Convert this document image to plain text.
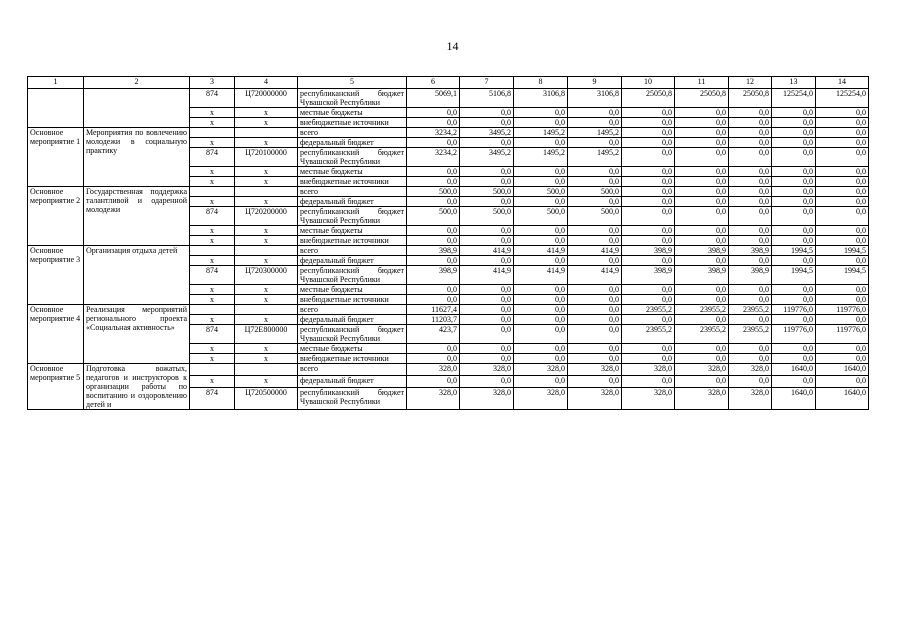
14
1	2	3	4	5	6	7	8	9	10	11	12	13	14
		874	Ц720000000	республиканский бюджет Чувашской Республики	5069,1	5106,8	3106,8	3106,8	25050,8	25050,8	25050,8	125254,0	125254,0
		x	x	местные бюджеты	0,0	0,0	0,0	0,0	0,0	0,0	0,0	0,0	0,0
		x	x	внебюджетные источники	0,0	0,0	0,0	0,0	0,0	0,0	0,0	0,0	0,0
Основное мероприятие 1	Мероприятия по вовлечению молодежи в социальную практику			всего	3234,2	3495,2	1495,2	1495,2	0,0	0,0	0,0	0,0	0,0
		x	x	федеральный бюджет	0,0	0,0	0,0	0,0	0,0	0,0	0,0	0,0	0,0
		874	Ц720100000	республиканский бюджет Чувашской Республики	3234,2	3495,2	1495,2	1495,2	0,0	0,0	0,0	0,0	0,0
		x	x	местные бюджеты	0,0	0,0	0,0	0,0	0,0	0,0	0,0	0,0	0,0
		x	x	внебюджетные источники	0,0	0,0	0,0	0,0	0,0	0,0	0,0	0,0	0,0
Основное мероприятие 2	Государственная поддержка талантливой и одаренной молодежи			всего	500,0	500,0	500,0	500,0	0,0	0,0	0,0	0,0	0,0
		x	x	федеральный бюджет	0,0	0,0	0,0	0,0	0,0	0,0	0,0	0,0	0,0
		874	Ц720200000	республиканский бюджет Чувашской Республики	500,0	500,0	500,0	500,0	0,0	0,0	0,0	0,0	0,0
		x	x	местные бюджеты	0,0	0,0	0,0	0,0	0,0	0,0	0,0	0,0	0,0
		x	x	внебюджетные источники	0,0	0,0	0,0	0,0	0,0	0,0	0,0	0,0	0,0
Основное мероприятие 3	Организация отдыха детей			всего	398,9	414,9	414,9	414,9	398,9	398,9	398,9	1994,5	1994,5
		x	x	федеральный бюджет	0,0	0,0	0,0	0,0	0,0	0,0	0,0	0,0	0,0
		874	Ц720300000	республиканский бюджет Чувашской Республики	398,9	414,9	414,9	414,9	398,9	398,9	398,9	1994,5	1994,5
		x	x	местные бюджеты	0,0	0,0	0,0	0,0	0,0	0,0	0,0	0,0	0,0
		x	x	внебюджетные источники	0,0	0,0	0,0	0,0	0,0	0,0	0,0	0,0	0,0
Основное мероприятие 4	Реализация мероприятий регионального проекта «Социальная активность»			всего	11627,4	0,0	0,0	0,0	23955,2	23955,2	23955,2	119776,0	119776,0
		x	x	федеральный бюджет	11203,7	0,0	0,0	0,0	0,0	0,0	0,0	0,0	0,0
		874	Ц72E800000	республиканский бюджет Чувашской Республики	423,7	0,0	0,0	0,0	23955,2	23955,2	23955,2	119776,0	119776,0
		x	x	местные бюджеты	0,0	0,0	0,0	0,0	0,0	0,0	0,0	0,0	0,0
		x	x	внебюджетные источники	0,0	0,0	0,0	0,0	0,0	0,0	0,0	0,0	0,0
Основное мероприятие 5	Подготовка вожатых, педагогов и инструкторов к организации работы по воспитанию и оздоровлению детей и			всего	328,0	328,0	328,0	328,0	328,0	328,0	328,0	1640,0	1640,0
		x	x	федеральный бюджет	0,0	0,0	0,0	0,0	0,0	0,0	0,0	0,0	0,0
		874	Ц720500000	республиканский бюджет Чувашской Республики	328,0	328,0	328,0	328,0	328,0	328,0	328,0	1640,0	1640,0
